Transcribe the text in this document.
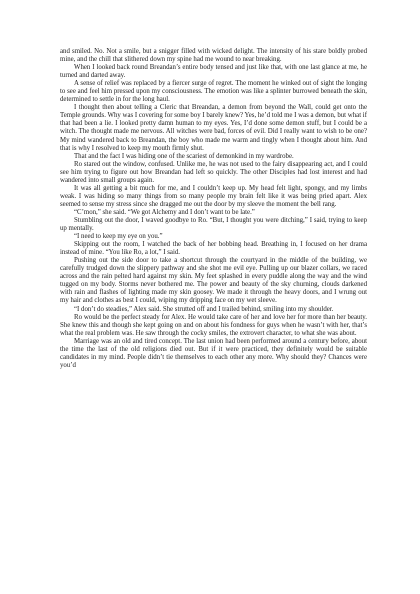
and smiled. No. Not a smile, but a snigger filled with wicked delight. The intensity of his stare boldly probed mine, and the chill that slithered down my spine had me wound to near breaking.

When I looked back round Breandan’s entire body tensed and just like that, with one last glance at me, he turned and darted away.

A sense of relief was replaced by a fiercer surge of regret. The moment he winked out of sight the longing to see and feel him pressed upon my consciousness. The emotion was like a splinter burrowed beneath the skin, determined to settle in for the long haul.

I thought then about telling a Cleric that Breandan, a demon from beyond the Wall, could get onto the Temple grounds. Why was I covering for some boy I barely knew? Yes, he’d told me I was a demon, but what if that had been a lie. I looked pretty damn human to my eyes. Yes, I’d done some demon stuff, but I could be a witch. The thought made me nervous. All witches were bad, forces of evil. Did I really want to wish to be one? My mind wandered back to Breandan, the boy who made me warm and tingly when I thought about him. And that is why I resolved to keep my mouth firmly shut.

That and the fact I was hiding one of the scariest of demonkind in my wardrobe.

Ro stared out the window, confused. Unlike me, he was not used to the fairy disappearing act, and I could see him trying to figure out how Breandan had left so quickly. The other Disciples had lost interest and had wandered into small groups again.

It was all getting a bit much for me, and I couldn’t keep up. My head felt light, spongy, and my limbs weak. I was hiding so many things from so many people my brain felt like it was being pried apart. Alex seemed to sense my stress since she dragged me out the door by my sleeve the moment the bell rang.

“C’mon,” she said. “We got Alchemy and I don’t want to be late.”

Stumbling out the door, I waved goodbye to Ro. “But, I thought you were ditching,” I said, trying to keep up mentally.

“I need to keep my eye on you.”

Skipping out the room, I watched the back of her bobbing head. Breathing in, I focused on her drama instead of mine. “You like Ro, a lot,” I said.

Pushing out the side door to take a shortcut through the courtyard in the middle of the building, we carefully trudged down the slippery pathway and she shot me evil eye. Pulling up our blazer collars, we raced across and the rain pelted hard against my skin. My feet splashed in every puddle along the way and the wind tugged on my body. Storms never bothered me. The power and beauty of the sky churning, clouds darkened with rain and flashes of lighting made my skin goosey. We made it through the heavy doors, and I wrung out my hair and clothes as best I could, wiping my dripping face on my wet sleeve.

“I don’t do steadies,” Alex said. She strutted off and I trailed behind, smiling into my shoulder.

Ro would be the perfect steady for Alex. He would take care of her and love her for more than her beauty. She knew this and though she kept going on and on about his fondness for guys when he wasn’t with her, that’s what the real problem was. He saw through the cocky smiles, the extrovert character, to what she was about.

Marriage was an old and tired concept. The last union had been performed around a century before, about the time the last of the old religions died out. But if it were practiced, they definitely would be suitable candidates in my mind. People didn’t tie themselves to each other any more. Why should they? Chances were you’d
